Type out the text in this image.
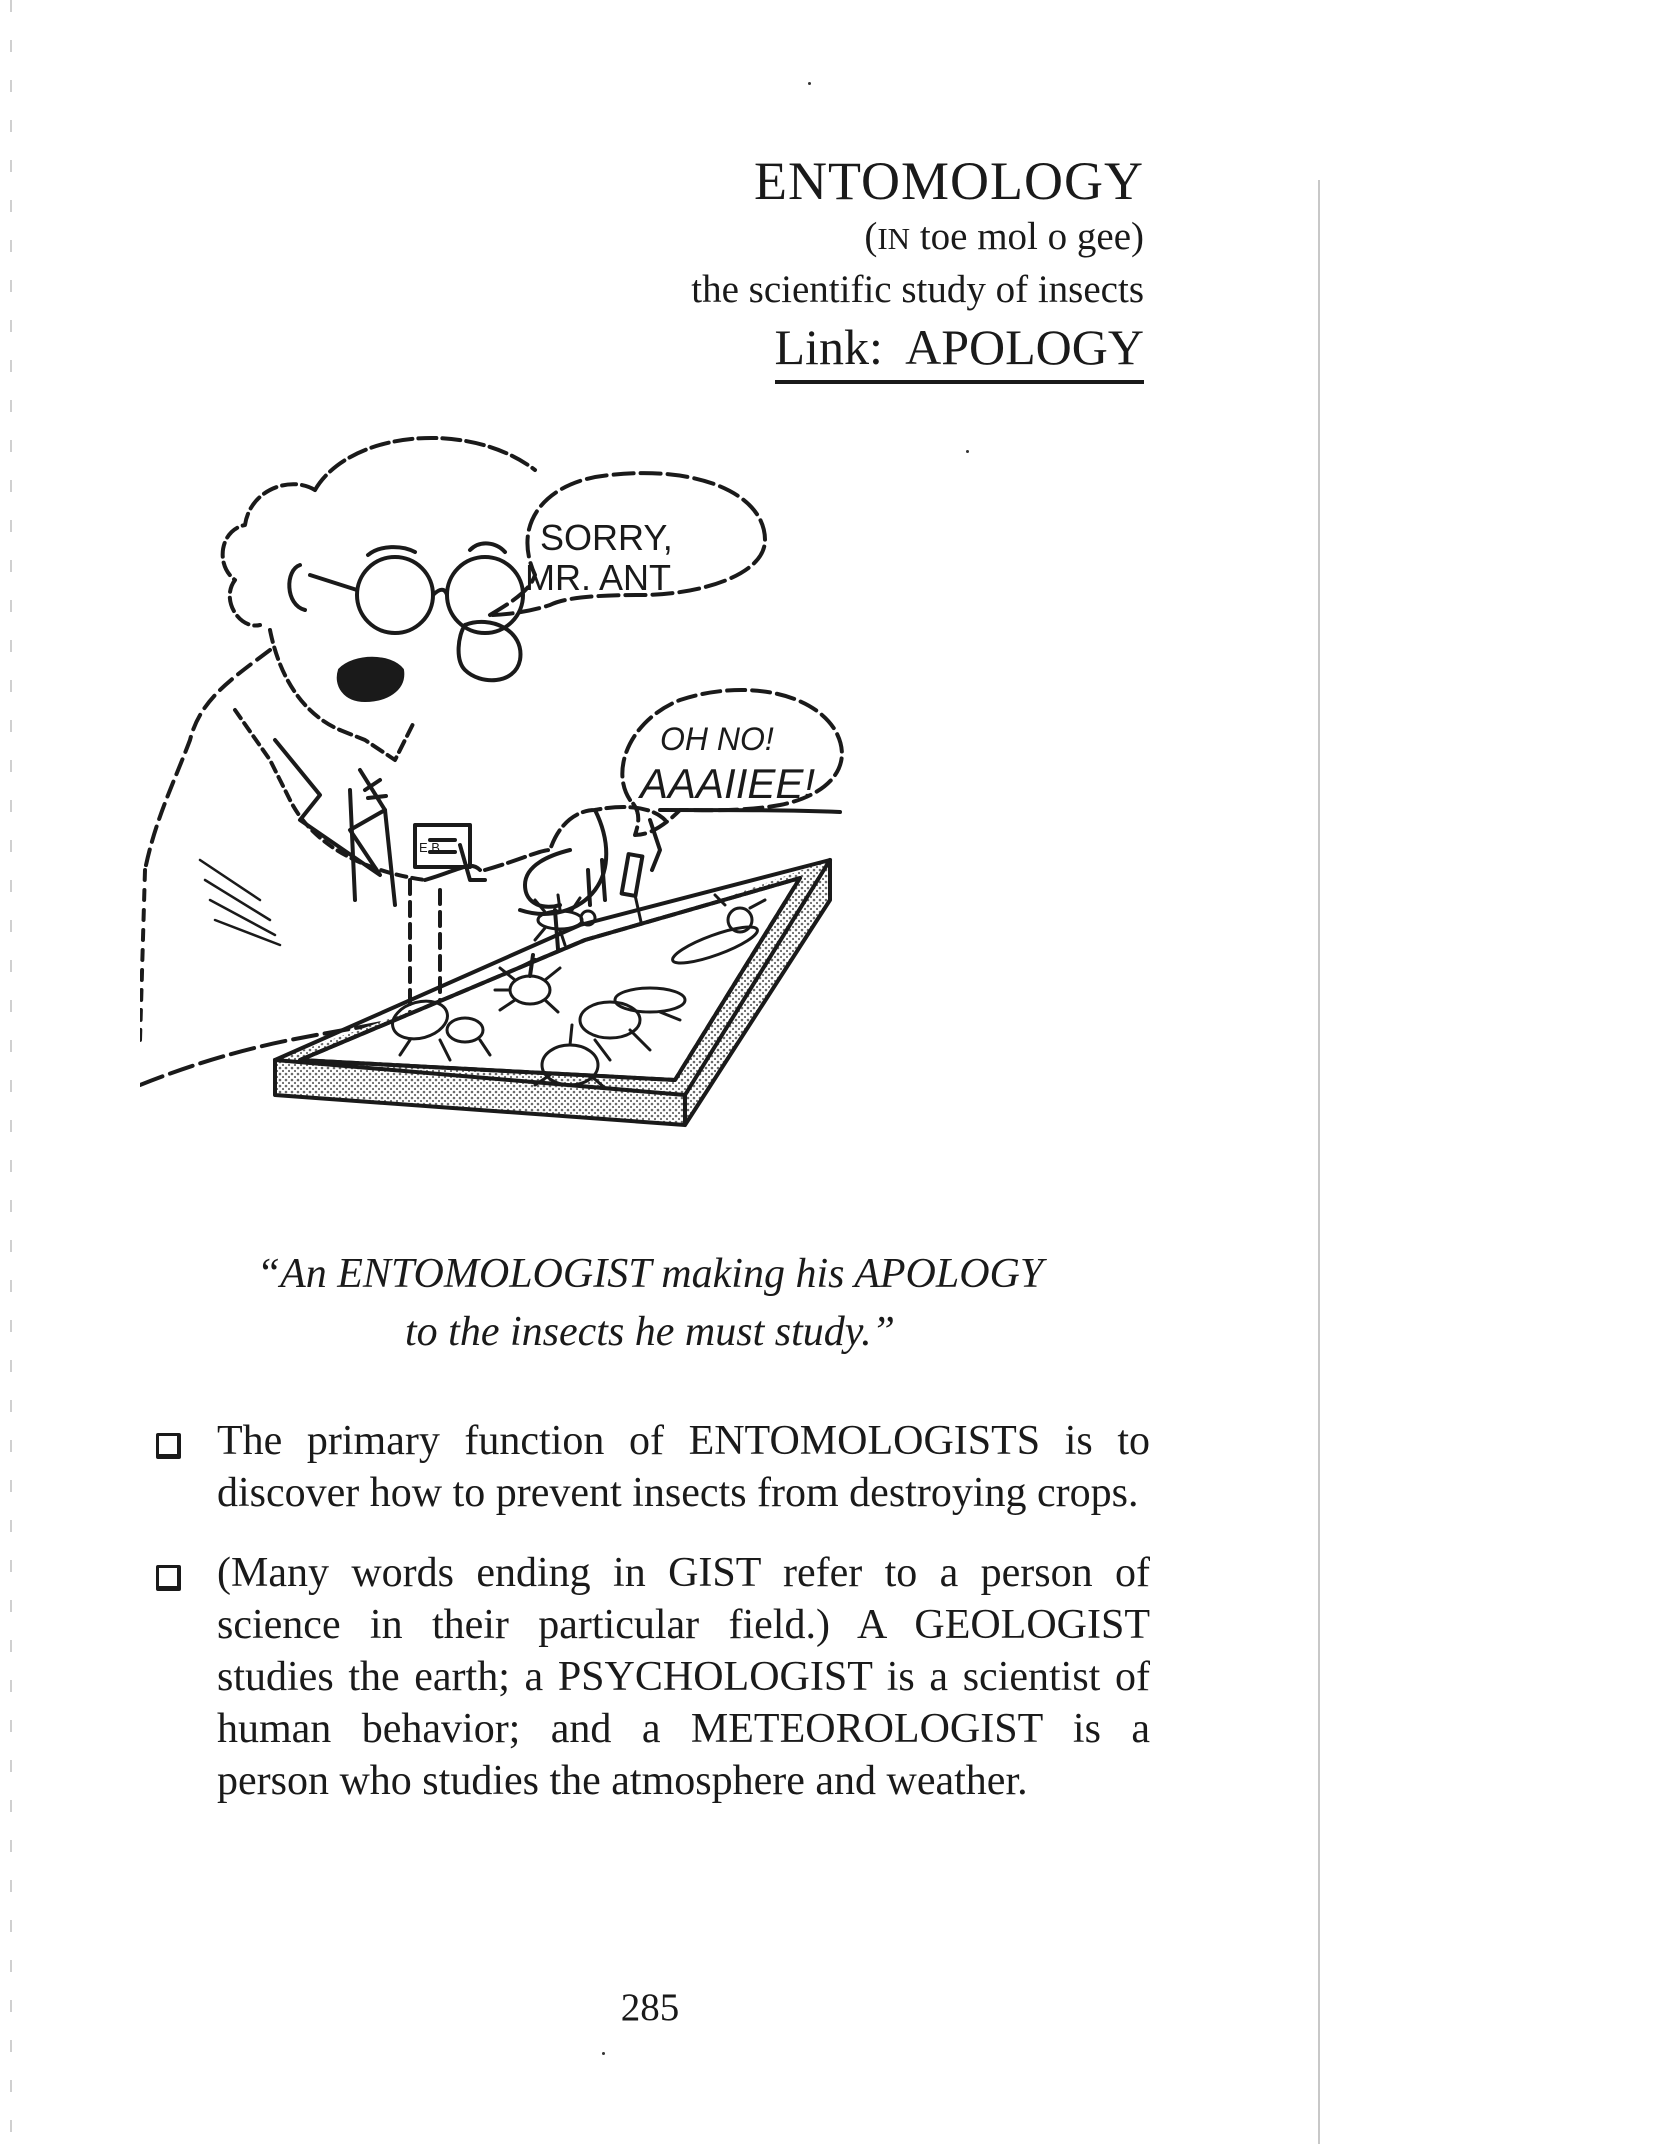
ENTOMOLOGY
(IN toe mol o gee)
the scientific study of insects
Link: APOLOGY
SORRY,
MR. ANT
OH NO!
AAAIIEE!
E.B.
“An ENTOMOLOGIST making his APOLOGY
to the insects he must study.”
The primary function of ENTOMOLOGISTS is to discover how to prevent insects from destroying crops.
(Many words ending in GIST refer to a person of science in their particular field.) A GEOLOGIST studies the earth; a PSYCHOLOGIST is a scientist of human behavior; and a METEOROLOGIST is a person who studies the atmosphere and weather.
285
